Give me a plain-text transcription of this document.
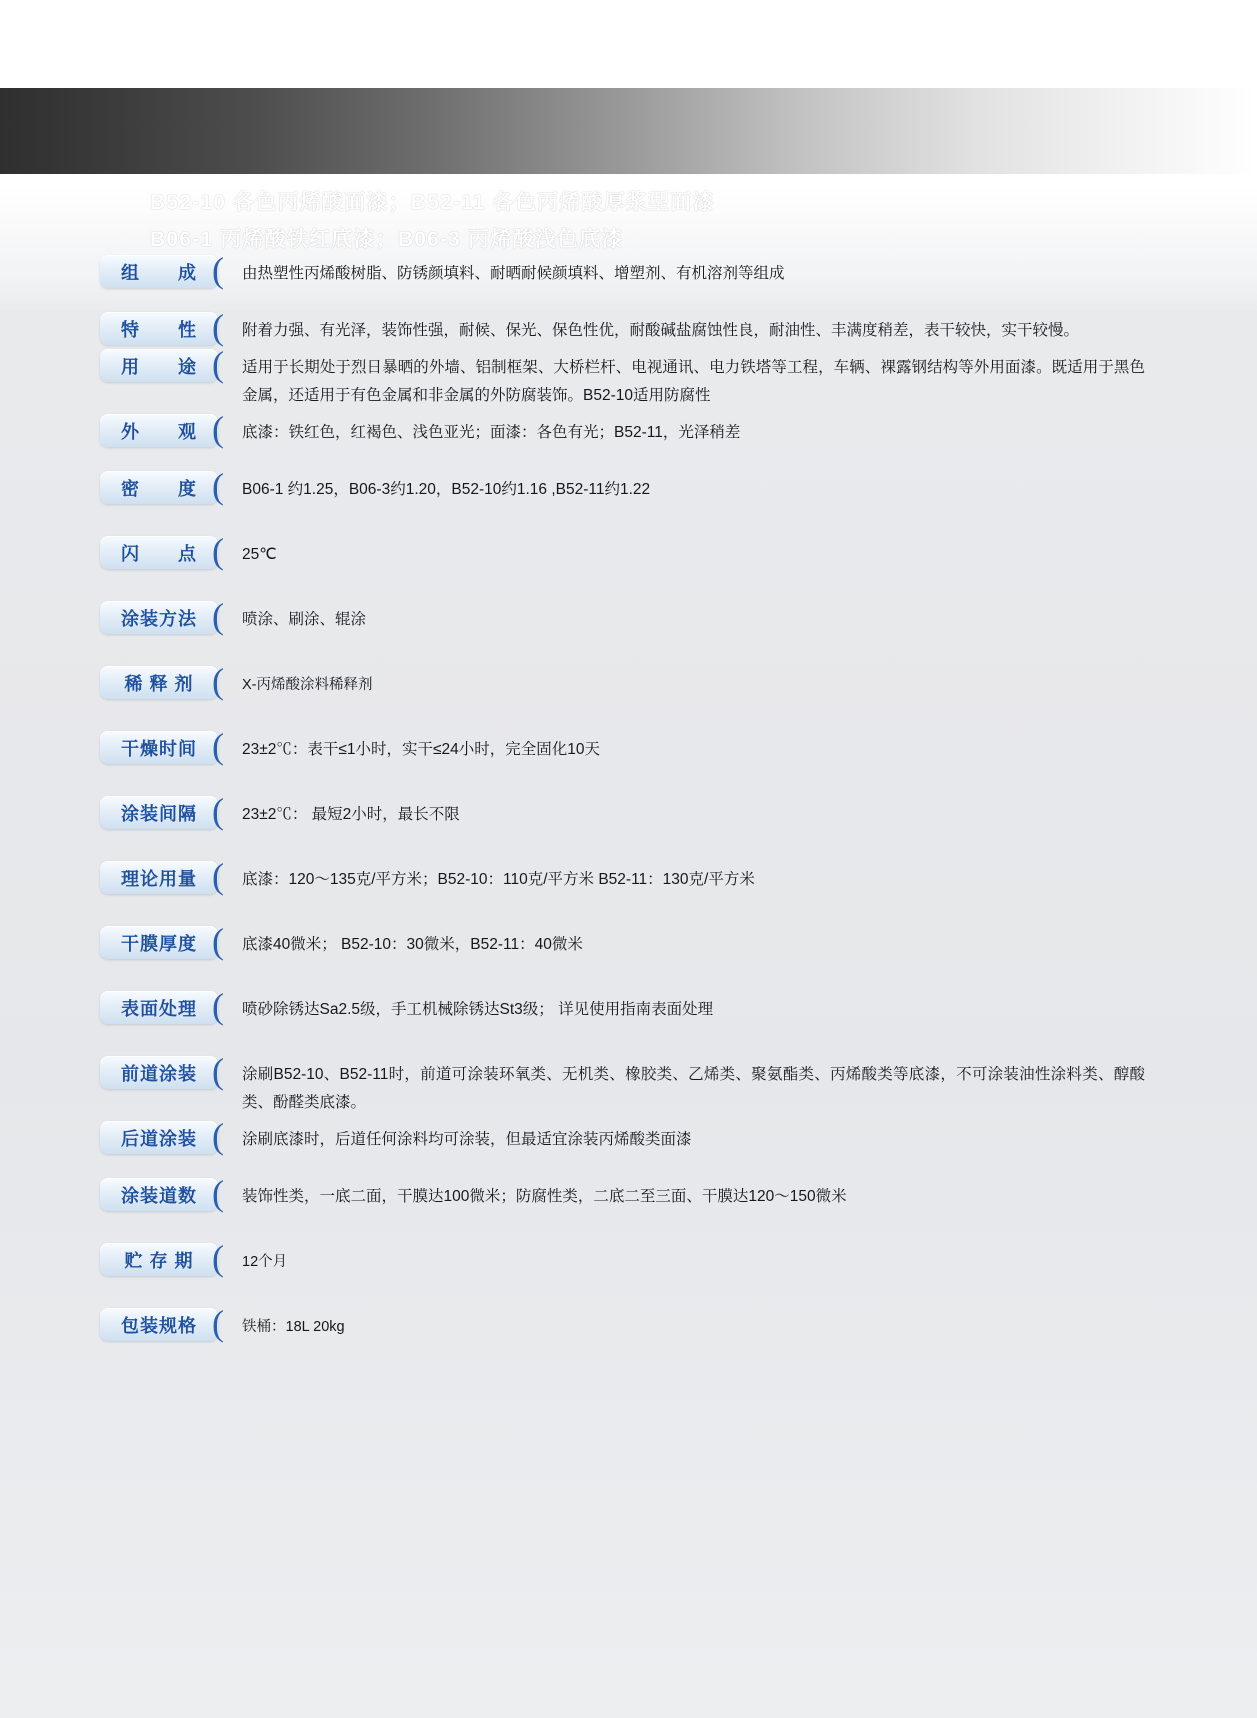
B52-10 各色丙烯酸面漆；B52-11 各色丙烯酸厚浆型面漆
B06-1 丙烯酸铁红底漆；B06-3 丙烯酸浅色底漆
组　　成 (	由热塑性丙烯酸树脂、防锈颜填料、耐晒耐候颜填料、增塑剂、有机溶剂等组成
特　　性 (	附着力强、有光泽，装饰性强，耐候、保光、保色性优，耐酸碱盐腐蚀性良，耐油性、丰满度稍差，表干较快，实干较慢。
用　　途 (	适用于长期处于烈日暴晒的外墙、铝制框架、大桥栏杆、电视通讯、电力铁塔等工程，车辆、裸露钢结构等外用面漆。既适用于黑色金属，还适用于有色金属和非金属的外防腐装饰。B52-10适用防腐性
外　　观 (	底漆：铁红色，红褐色、浅色亚光；面漆：各色有光；B52-11，光泽稍差
密　　度 (	B06-1 约1.25，B06-3约1.20，B52-10约1.16 ,B52-11约1.22
闪　　点 (	25℃
涂装方法 (	喷涂、刷涂、辊涂
稀 释 剂 (	X-丙烯酸涂料稀释剂
干燥时间 (	23±2℃：表干≤1小时，实干≤24小时，完全固化10天
涂装间隔 (	23±2℃： 最短2小时，最长不限
理论用量 (	底漆：120～135克/平方米；B52-10：110克/平方米 B52-11：130克/平方米
干膜厚度 (	底漆40微米； B52-10：30微米，B52-11：40微米
表面处理 (	喷砂除锈达Sa2.5级，手工机械除锈达St3级； 详见使用指南表面处理
前道涂装 (	涂刷B52-10、B52-11时，前道可涂装环氧类、无机类、橡胶类、乙烯类、聚氨酯类、丙烯酸类等底漆，不可涂装油性涂料类、醇酸类、酚醛类底漆。
后道涂装 (	涂刷底漆时，后道任何涂料均可涂装，但最适宜涂装丙烯酸类面漆
涂装道数 (	装饰性类，一底二面，干膜达100微米；防腐性类，二底二至三面、干膜达120～150微米
贮 存 期 (	12个月
包装规格 (	铁桶：18L 20kg
